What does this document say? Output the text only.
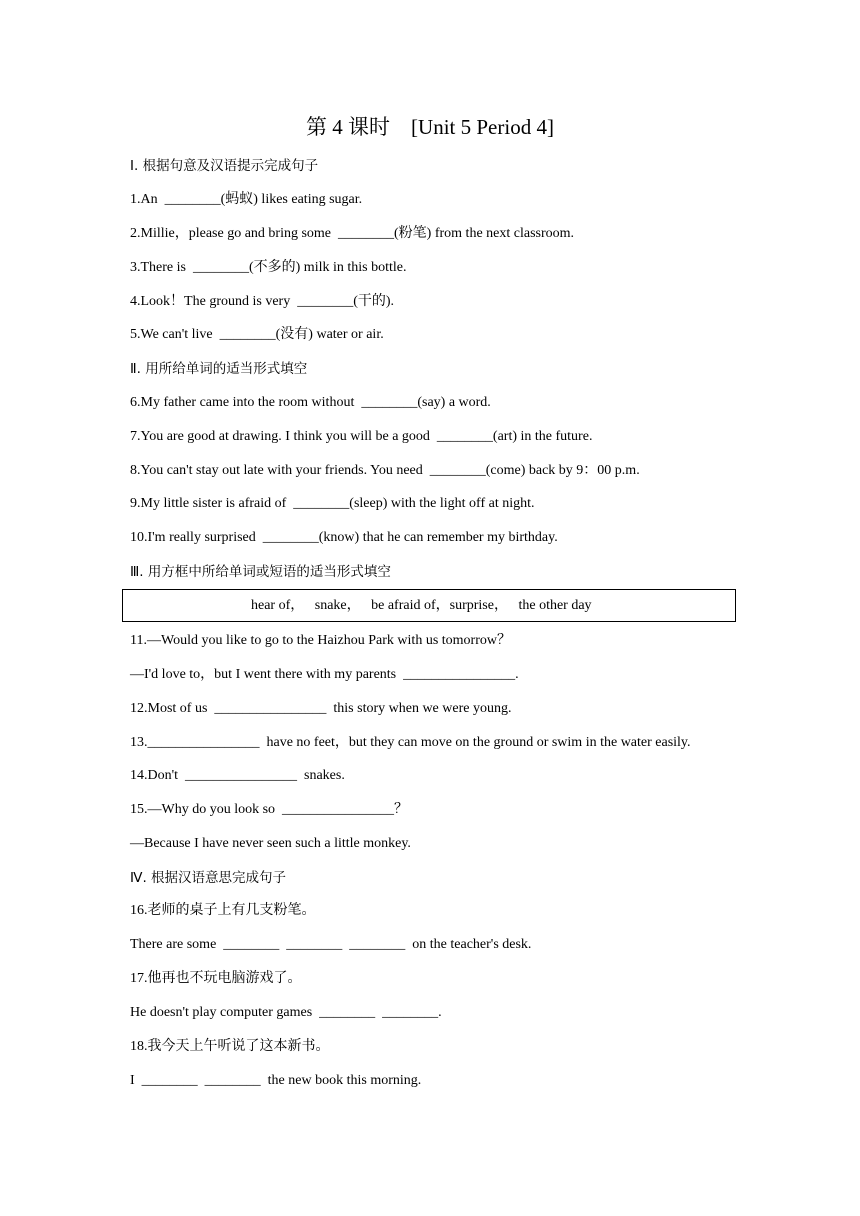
第 4 课时    [Unit 5 Period 4]
Ⅰ. 根据句意及汉语提示完成句子
1.An  ________(蚂蚁) likes eating sugar.
2.Millie，please go and bring some  ________(粉笔) from the next classroom.
3.There is  ________(不多的) milk in this bottle.
4.Look！The ground is very  ________(干的).
5.We can't live  ________(没有) water or air.
Ⅱ. 用所给单词的适当形式填空
6.My father came into the room without  ________(say) a word.
7.You are good at drawing. I think you will be a good  ________(art) in the future.
8.You can't stay out late with your friends. You need  ________(come) back by 9：00 p.m.
9.My little sister is afraid of  ________(sleep) with the light off at night.
10.I'm really surprised  ________(know) that he can remember my birthday.
Ⅲ. 用方框中所给单词或短语的适当形式填空
hear of，   snake，   be afraid of，surprise，   the other day
11.—Would you like to go to the Haizhou Park with us tomorrow？
—I'd love to，but I went there with my parents  ________________.
12.Most of us  ________________  this story when we were young.
13.________________  have no feet，but they can move on the ground or swim in the water easily.
14.Don't  ________________  snakes.
15.—Why do you look so  ________________？
—Because I have never seen such a little monkey.
Ⅳ. 根据汉语意思完成句子
16.老师的桌子上有几支粉笔。
There are some  ________  ________  ________  on the teacher's desk.
17.他再也不玩电脑游戏了。
He doesn't play computer games  ________  ________.
18.我今天上午听说了这本新书。
I  ________  ________  the new book this morning.
